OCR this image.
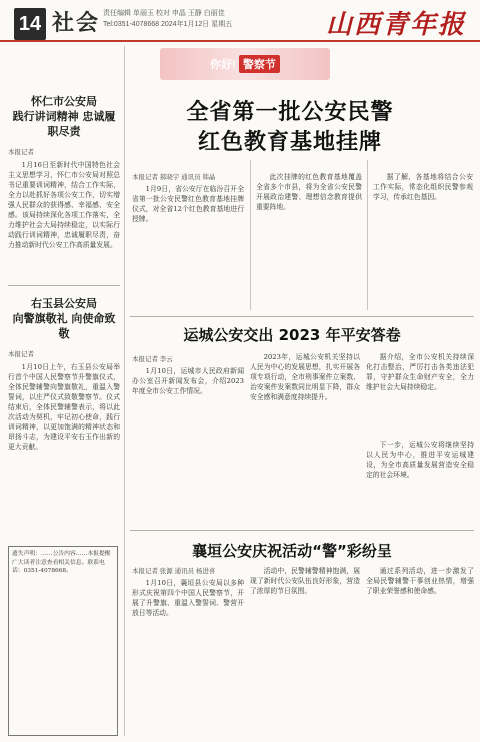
14 社会 责任编辑 单丽玉 校对 申晶 王静 白丽佳
Tel:0351-4078668 2024年1月12日 星期五	山西青年报
怀仁市公安局
践行讲词精神 忠诚履职尽责
本报记者

1月16日至新时代中国特色社会主义思想学习，怀仁市公安局对照总书记重要训词精神，结合工作实际，全力以赴抓好各项公安工作，切实增强人民群众的获得感、幸福感、安全感。该局持续深化各项工作落实，全力维护社会大局持续稳定，以实际行动践行训词精神，忠诚履职尽责，奋力推动新时代公安工作高质量发展。

右玉县公安局
向警旗敬礼 向使命致敬
本报记者

1月10日上午，右玉县公安局举行首个中国人民警察节升警旗仪式，全体民警辅警向警旗敬礼，重温入警誓词，以庄严仪式致敬警察节。仪式结束后，全体民警辅警表示，将以此次活动为契机，牢记初心使命，践行训词精神，以更加饱满的精神状态和昂扬斗志，为建设平安右玉作出新的更大贡献。

遗失声明：……公告内容……本报提醒广大读者注意查看相关信息。联系电话：0351-4078668。

你好! 警察节
全省第一批公安民警
红色教育基地挂牌
本报记者 郝晓宇 通讯员 韩晶

1月9日，省公安厅在临汾召开全省第一批公安民警红色教育基地挂牌仪式，对全省12个红色教育基地进行授牌。

此次挂牌的红色教育基地覆盖全省多个市县，将为全省公安民警开展政治建警、理想信念教育提供重要阵地。

据了解，各基地将结合公安工作实际，常态化组织民警参观学习，传承红色基因。

运城公安交出 2023 年平安答卷
本报记者 李云

1月10日，运城市人民政府新闻办公室召开新闻发布会，介绍2023年度全市公安工作情况。

2023年，运城公安机关坚持以人民为中心的发展思想，扎实开展各项专项行动，全市刑事案件立案数、治安案件发案数同比明显下降，群众安全感和满意度持续提升。

据介绍，全市公安机关持续深化打击整治，严厉打击各类违法犯罪，守护群众生命财产安全，全力维护社会大局持续稳定。

下一步，运城公安将继续坚持以人民为中心，推进平安运城建设，为全市高质量发展营造安全稳定的社会环境。

襄垣公安庆祝活动“警”彩纷呈
本报记者 张源 通讯员 杨进喜

1月10日，襄垣县公安局以多种形式庆祝第四个中国人民警察节，开展了升警旗、重温入警誓词、警营开放日等活动。

活动中，民警辅警精神饱满，展现了新时代公安队伍良好形象，营造了浓厚的节日氛围。

通过系列活动，进一步激发了全局民警辅警干事创业热情，增强了职业荣誉感和使命感。
